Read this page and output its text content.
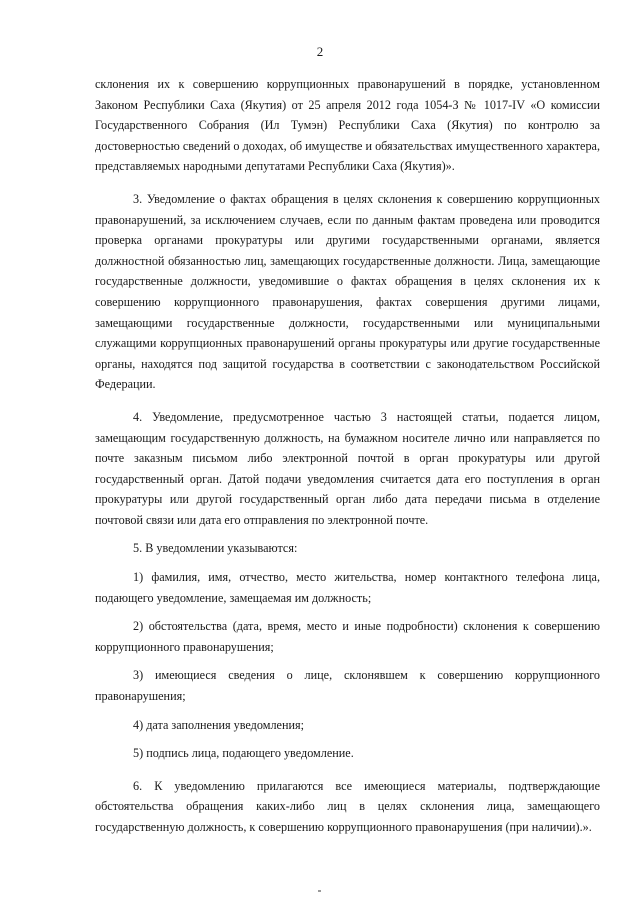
2

склонения их к совершению коррупционных правонарушений в порядке, установленном Законом Республики Саха (Якутия) от 25 апреля 2012 года 1054-З № 1017-IV «О комиссии Государственного Собрания (Ил Тумэн) Республики Саха (Якутия) по контролю за достоверностью сведений о доходах, об имуществе и обязательствах имущественного характера, представляемых народными депутатами Республики Саха (Якутия)».

3. Уведомление о фактах обращения в целях склонения к совершению коррупционных правонарушений, за исключением случаев, если по данным фактам проведена или проводится проверка органами прокуратуры или другими государственными органами, является должностной обязанностью лиц, замещающих государственные должности. Лица, замещающие государственные должности, уведомившие о фактах обращения в целях склонения их к совершению коррупционного правонарушения, фактах совершения другими лицами, замещающими государственные должности, государственными или муниципальными служащими коррупционных правонарушений органы прокуратуры или другие государственные органы, находятся под защитой государства в соответствии с законодательством Российской Федерации.

4. Уведомление, предусмотренное частью 3 настоящей статьи, подается лицом, замещающим государственную должность, на бумажном носителе лично или направляется по почте заказным письмом либо электронной почтой в орган прокуратуры или другой государственный орган. Датой подачи уведомления считается дата его поступления в орган прокуратуры или другой государственный орган либо дата передачи письма в отделение почтовой связи или дата его отправления по электронной почте.

5. В уведомлении указываются:

1) фамилия, имя, отчество, место жительства, номер контактного телефона лица, подающего уведомление, замещаемая им должность;

2) обстоятельства (дата, время, место и иные подробности) склонения к совершению коррупционного правонарушения;

3) имеющиеся сведения о лице, склонявшем к совершению коррупционного правонарушения;

4) дата заполнения уведомления;

5) подпись лица, подающего уведомление.

6. К уведомлению прилагаются все имеющиеся материалы, подтверждающие обстоятельства обращения каких-либо лиц в целях склонения лица, замещающего государственную должность, к совершению коррупционного правонарушения (при наличии).».
